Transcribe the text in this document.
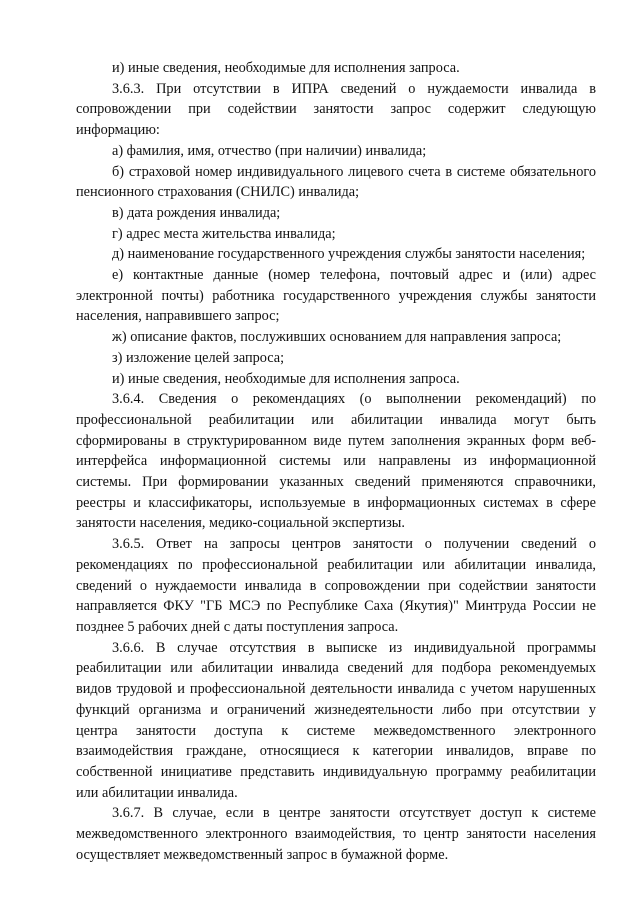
и) иные сведения, необходимые для исполнения запроса.

3.6.3. При отсутствии в ИПРА сведений о нуждаемости инвалида в сопровождении при содействии занятости запрос содержит следующую информацию:

а) фамилия, имя, отчество (при наличии) инвалида;

б) страховой номер индивидуального лицевого счета в системе обязательного пенсионного страхования (СНИЛС) инвалида;

в) дата рождения инвалида;

г) адрес места жительства инвалида;

д) наименование государственного учреждения службы занятости населения;

е) контактные данные (номер телефона, почтовый адрес и (или) адрес электронной почты) работника государственного учреждения службы занятости населения, направившего запрос;

ж) описание фактов, послуживших основанием для направления запроса;

з) изложение целей запроса;

и) иные сведения, необходимые для исполнения запроса.

3.6.4. Сведения о рекомендациях (о выполнении рекомендаций) по профессиональной реабилитации или абилитации инвалида могут быть сформированы в структурированном виде путем заполнения экранных форм веб-интерфейса информационной системы или направлены из информационной системы. При формировании указанных сведений применяются справочники, реестры и классификаторы, используемые в информационных системах в сфере занятости населения, медико-социальной экспертизы.

3.6.5. Ответ на запросы центров занятости о получении сведений о рекомендациях по профессиональной реабилитации или абилитации инвалида, сведений о нуждаемости инвалида в сопровождении при содействии занятости направляется ФКУ "ГБ МСЭ по Республике Саха (Якутия)" Минтруда России не позднее 5 рабочих дней с даты поступления запроса.

3.6.6. В случае отсутствия в выписке из индивидуальной программы реабилитации или абилитации инвалида сведений для подбора рекомендуемых видов трудовой и профессиональной деятельности инвалида с учетом нарушенных функций организма и ограничений жизнедеятельности либо при отсутствии у центра занятости доступа к системе межведомственного электронного взаимодействия граждане, относящиеся к категории инвалидов, вправе по собственной инициативе представить индивидуальную программу реабилитации или абилитации инвалида.

3.6.7. В случае, если в центре занятости отсутствует доступ к системе межведомственного электронного взаимодействия, то центр занятости населения осуществляет межведомственный запрос в бумажной форме.
